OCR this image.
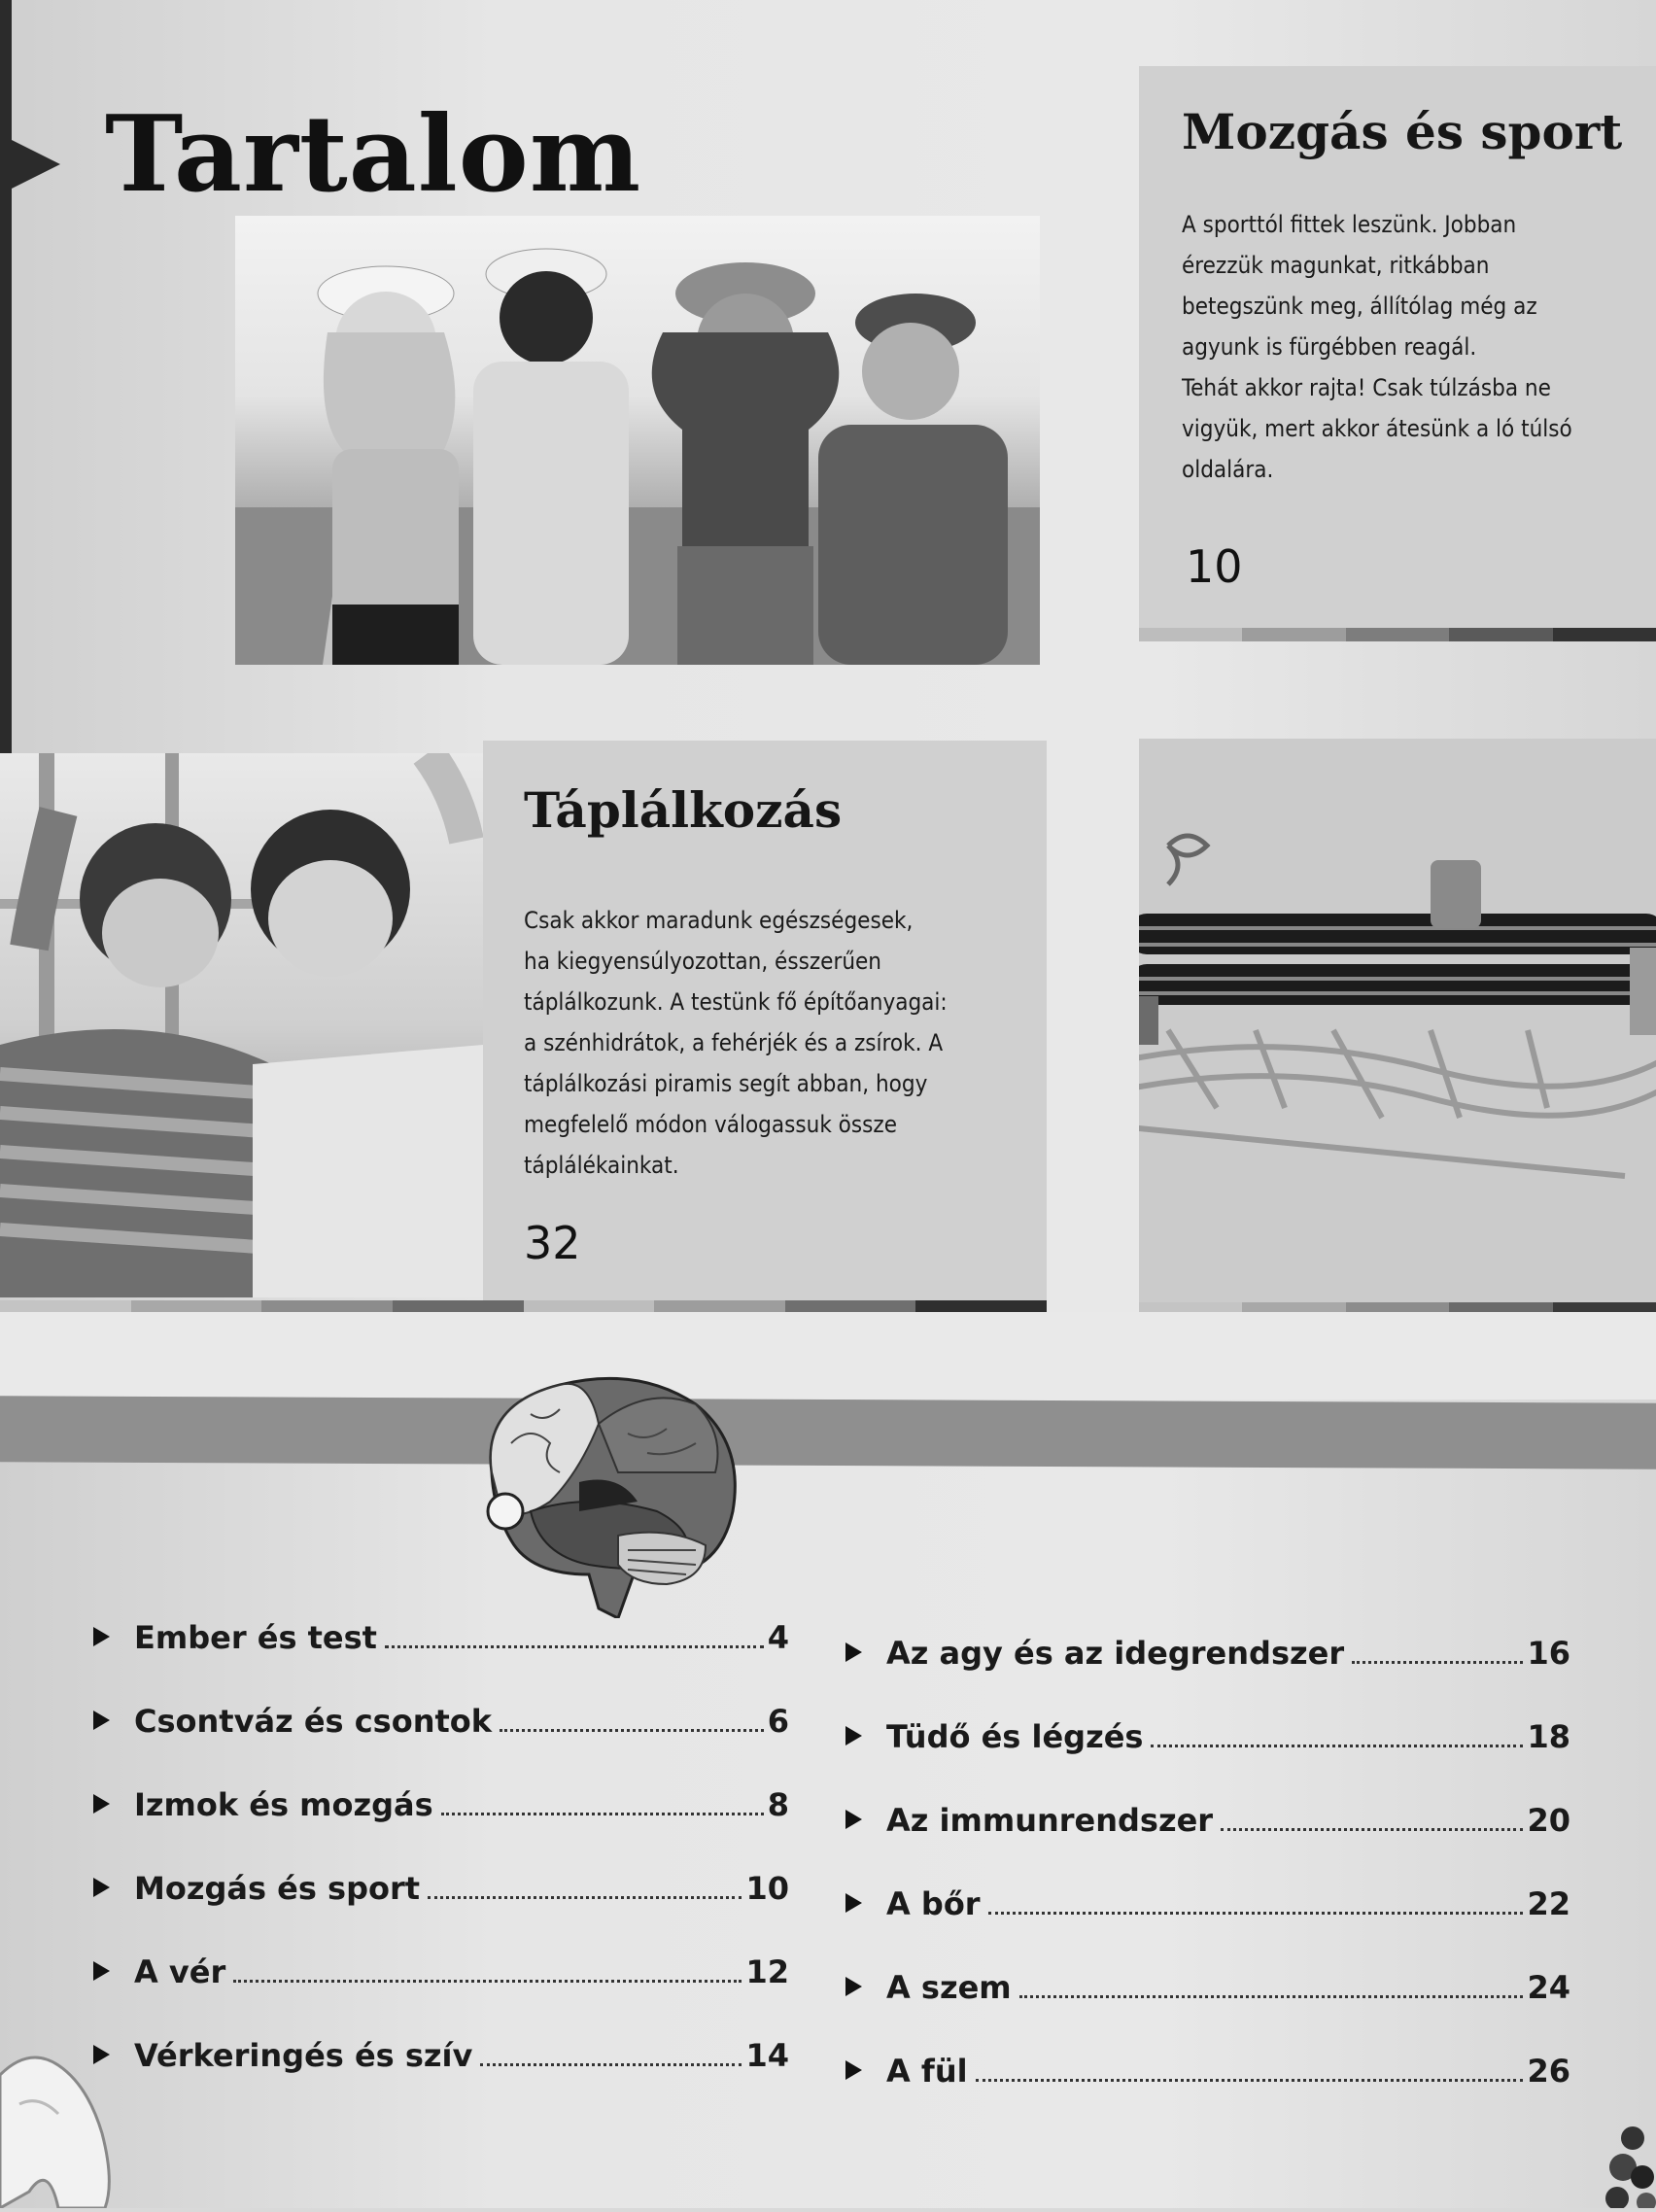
Tartalom	Mozgás és sport

A sporttól fittek leszünk. Jobban
érezzük magunkat, ritkábban
betegszünk meg, állítólag még az
agyunk is fürgébben reagál.
Tehát akkor rajta! Csak túlzásba ne
vigyük, mert akkor átesünk a ló túlsó
oldalára.

10
Táplálkozás

Csak akkor maradunk egészségesek,
ha kiegyensúlyozottan, ésszerűen
táplálkozunk. A testünk fő építőanyagai:
a szénhidrátok, a fehérjék és a zsírok. A
táplálkozási piramis segít abban, hogy
megfelelő módon válogassuk össze
táplálékainkat.

32
Ember és test	4
Csontváz és csontok	6
Izmok és mozgás	8
Mozgás és sport	10
A vér	12
Vérkeringés és szív	14
Az agy és az idegrendszer	16
Tüdő és légzés	18
Az immunrendszer	20
A bőr	22
A szem	24
A fül	26
